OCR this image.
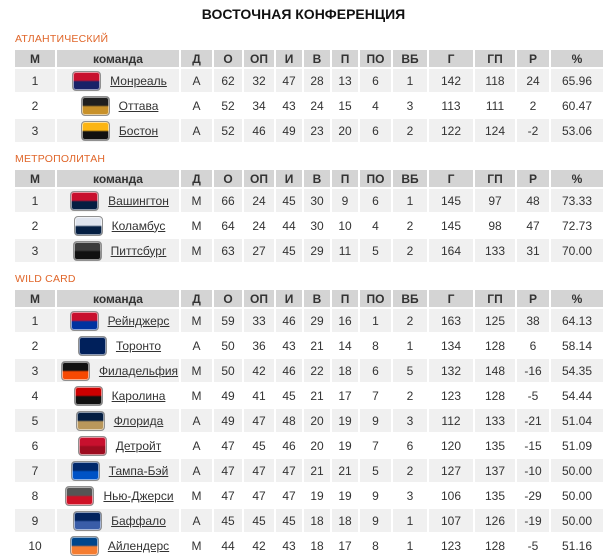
ВОСТОЧНАЯ КОНФЕРЕНЦИЯ
АТЛАНТИЧЕСКИЙ
М	команда	Д	О	ОП	И	В	П	ПО	ВБ	Г	ГП	Р	%
1	Монреаль	А	62	32	47	28	13	6	1	142	118	24	65.96
2	Оттава	А	52	34	43	24	15	4	3	113	111	2	60.47
3	Бостон	А	52	46	49	23	20	6	2	122	124	-2	53.06
МЕТРОПОЛИТАН
М	команда	Д	О	ОП	И	В	П	ПО	ВБ	Г	ГП	Р	%
1	Вашингтон	М	66	24	45	30	9	6	1	145	97	48	73.33
2	Коламбус	М	64	24	44	30	10	4	2	145	98	47	72.73
3	Питтсбург	М	63	27	45	29	11	5	2	164	133	31	70.00
WILD CARD
М	команда	Д	О	ОП	И	В	П	ПО	ВБ	Г	ГП	Р	%
1	Рейнджерс	М	59	33	46	29	16	1	2	163	125	38	64.13
2	Торонто	А	50	36	43	21	14	8	1	134	128	6	58.14
3	Филадельфия	М	50	42	46	22	18	6	5	132	148	-16	54.35
4	Каролина	М	49	41	45	21	17	7	2	123	128	-5	54.44
5	Флорида	А	49	47	48	20	19	9	3	112	133	-21	51.04
6	Детройт	А	47	45	46	20	19	7	6	120	135	-15	51.09
7	Тампа-Бэй	А	47	47	47	21	21	5	2	127	137	-10	50.00
8	Нью-Джерси	М	47	47	47	19	19	9	3	106	135	-29	50.00
9	Баффало	А	45	45	45	18	18	9	1	107	126	-19	50.00
10	Айлендерс	М	44	42	43	18	17	8	1	123	128	-5	51.16
